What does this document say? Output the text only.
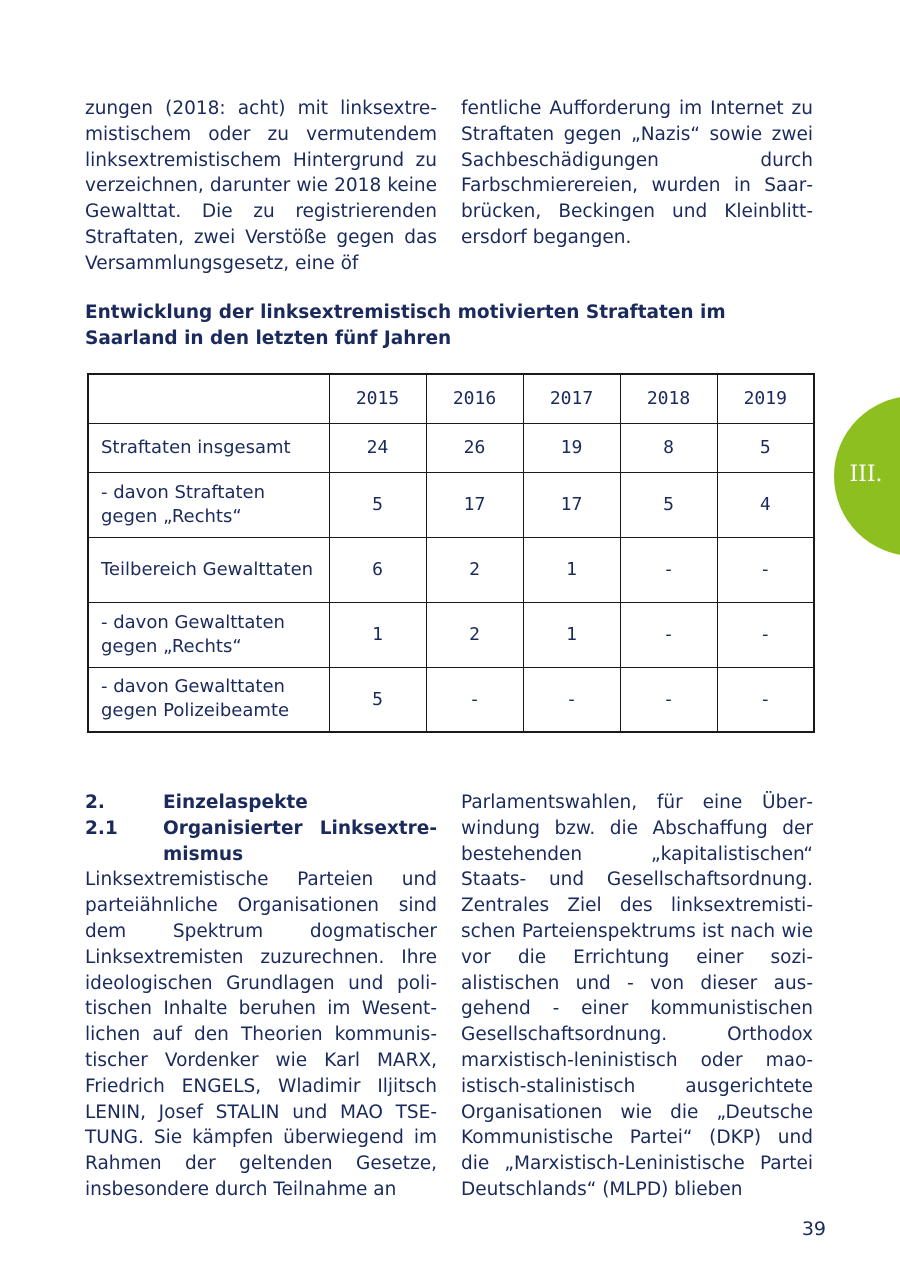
zungen (2018: acht) mit linksextremistischem oder zu vermutendem linksextremistischem Hintergrund zu verzeichnen, darunter wie 2018 keine Gewalttat. Die zu registrierenden Straftaten, zwei Verstöße gegen das Versammlungsgesetz, eine öf

fentliche Aufforderung im Internet zu Straftaten gegen „Nazis“ sowie zwei Sachbeschädigungen durch Farbschmierereien, wurden in Saarbrücken, Beckingen und Kleinblittersdorf begangen.

Entwicklung der linksextremistisch motivierten Straftaten im Saarland in den letzten fünf Jahren
	2015	2016	2017	2018	2019
Straftaten insgesamt	24	26	19	8	5
- davon Straftaten gegen „Rechts“	5	17	17	5	4
Teilbereich Gewalttaten	6	2	1	-	-
- davon Gewalttaten gegen „Rechts“	1	2	1	-	-
- davon Gewalttaten gegen Polizeibeamte	5	-	-	-	-
2.	Einzelaspekte
2.1	Organisierter Linksextre-
mismus

Linksextremistische Parteien und parteiähnliche Organisationen sind dem Spektrum dogmatischer Linksextremisten zuzurechnen. Ihre ideologischen Grundlagen und politischen Inhalte beruhen im Wesentlichen auf den Theorien kommunistischer Vordenker wie Karl MARX, Friedrich ENGELS, Wladimir Iljitsch LENIN, Josef STALIN und MAO TSE-TUNG. Sie kämpfen überwiegend im Rahmen der geltenden Gesetze, insbesondere durch Teilnahme an

Parlamentswahlen, für eine Überwindung bzw. die Abschaffung der bestehenden „kapitalistischen“ Staats- und Gesellschaftsordnung. Zentrales Ziel des linksextremistischen Parteienspektrums ist nach wie vor die Errichtung einer sozialistischen und - von dieser ausgehend - einer kommunistischen Gesellschaftsordnung. Orthodox marxistisch-leninistisch oder maoistisch-stalinistisch ausgerichtete Organisationen wie die „Deutsche Kommunistische Partei“ (DKP) und die „Marxistisch-Leninistische Partei Deutschlands“ (MLPD) blieben

III.
39
